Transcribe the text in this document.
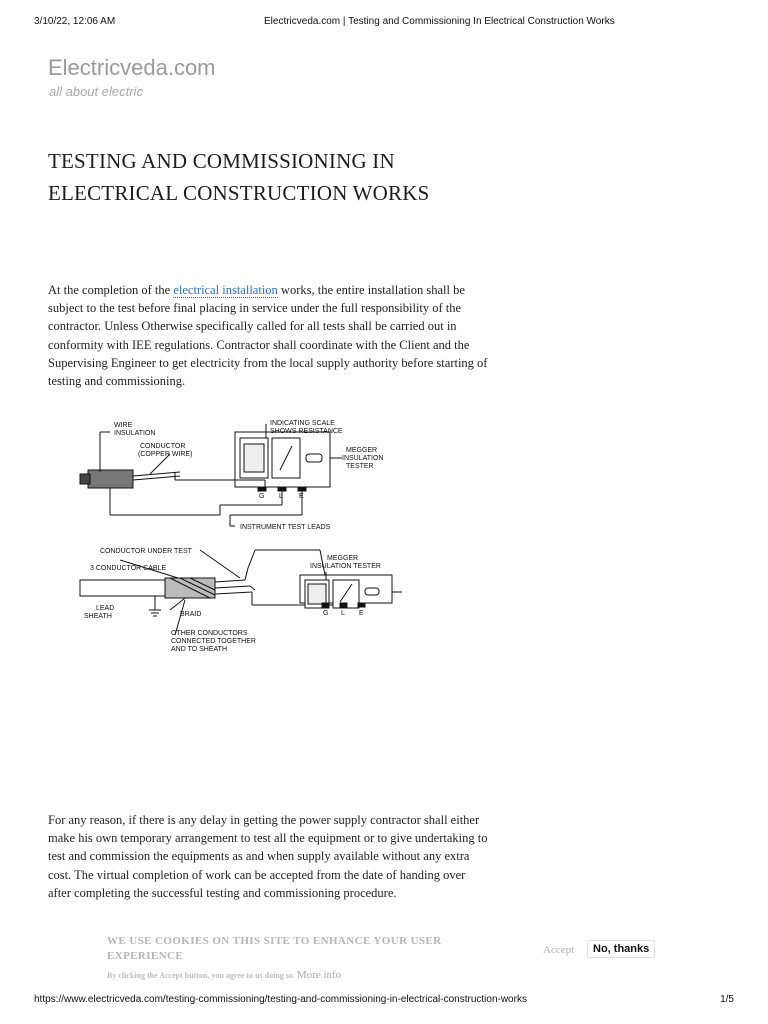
3/10/22, 12:06 AM	Electricveda.com | Testing and Commissioning In Electrical Construction Works
Electricveda.com
all about electric
TESTING AND COMMISSIONING IN ELECTRICAL CONSTRUCTION WORKS

At the completion of the electrical installation works, the entire installation shall be subject to the test before final placing in service under the full responsibility of the contractor. Unless Otherwise specifically called for all tests shall be carried out in conformity with IEE regulations. Contractor shall coordinate with the Client and the Supervising Engineer to get electricity from the local supply authority before starting of testing and commissioning.

WIRE
INSULATION
CONDUCTOR
(COPPER WIRE)
INDICATING SCALE
SHOWS RESISTANCE
MEGGER
INSULATION
TESTER
G L E
INSTRUMENT TEST LEADS
CONDUCTOR UNDER TEST
3 CONDUCTOR CABLE
MEGGER
INSULATION TESTER
LEAD
SHEATH	BRAID
OTHER CONDUCTORS
CONNECTED TOGETHER
AND TO SHEATH
G L E

For any reason, if there is any delay in getting the power supply contractor shall either make his own temporary arrangement to test all the equipment or to give undertaking to test and commission the equipments as and when supply available without any extra cost. The virtual completion of work can be accepted from the date of handing over after completing the successful testing and commissioning procedure.

WE USE COOKIES ON THIS SITE TO ENHANCE YOUR USER EXPERIENCE
By clicking the Accept button, you agree to us doing so. More info
Accept	No, thanks
https://www.electricveda.com/testing-commissioning/testing-and-commissioning-in-electrical-construction-works	1/5
